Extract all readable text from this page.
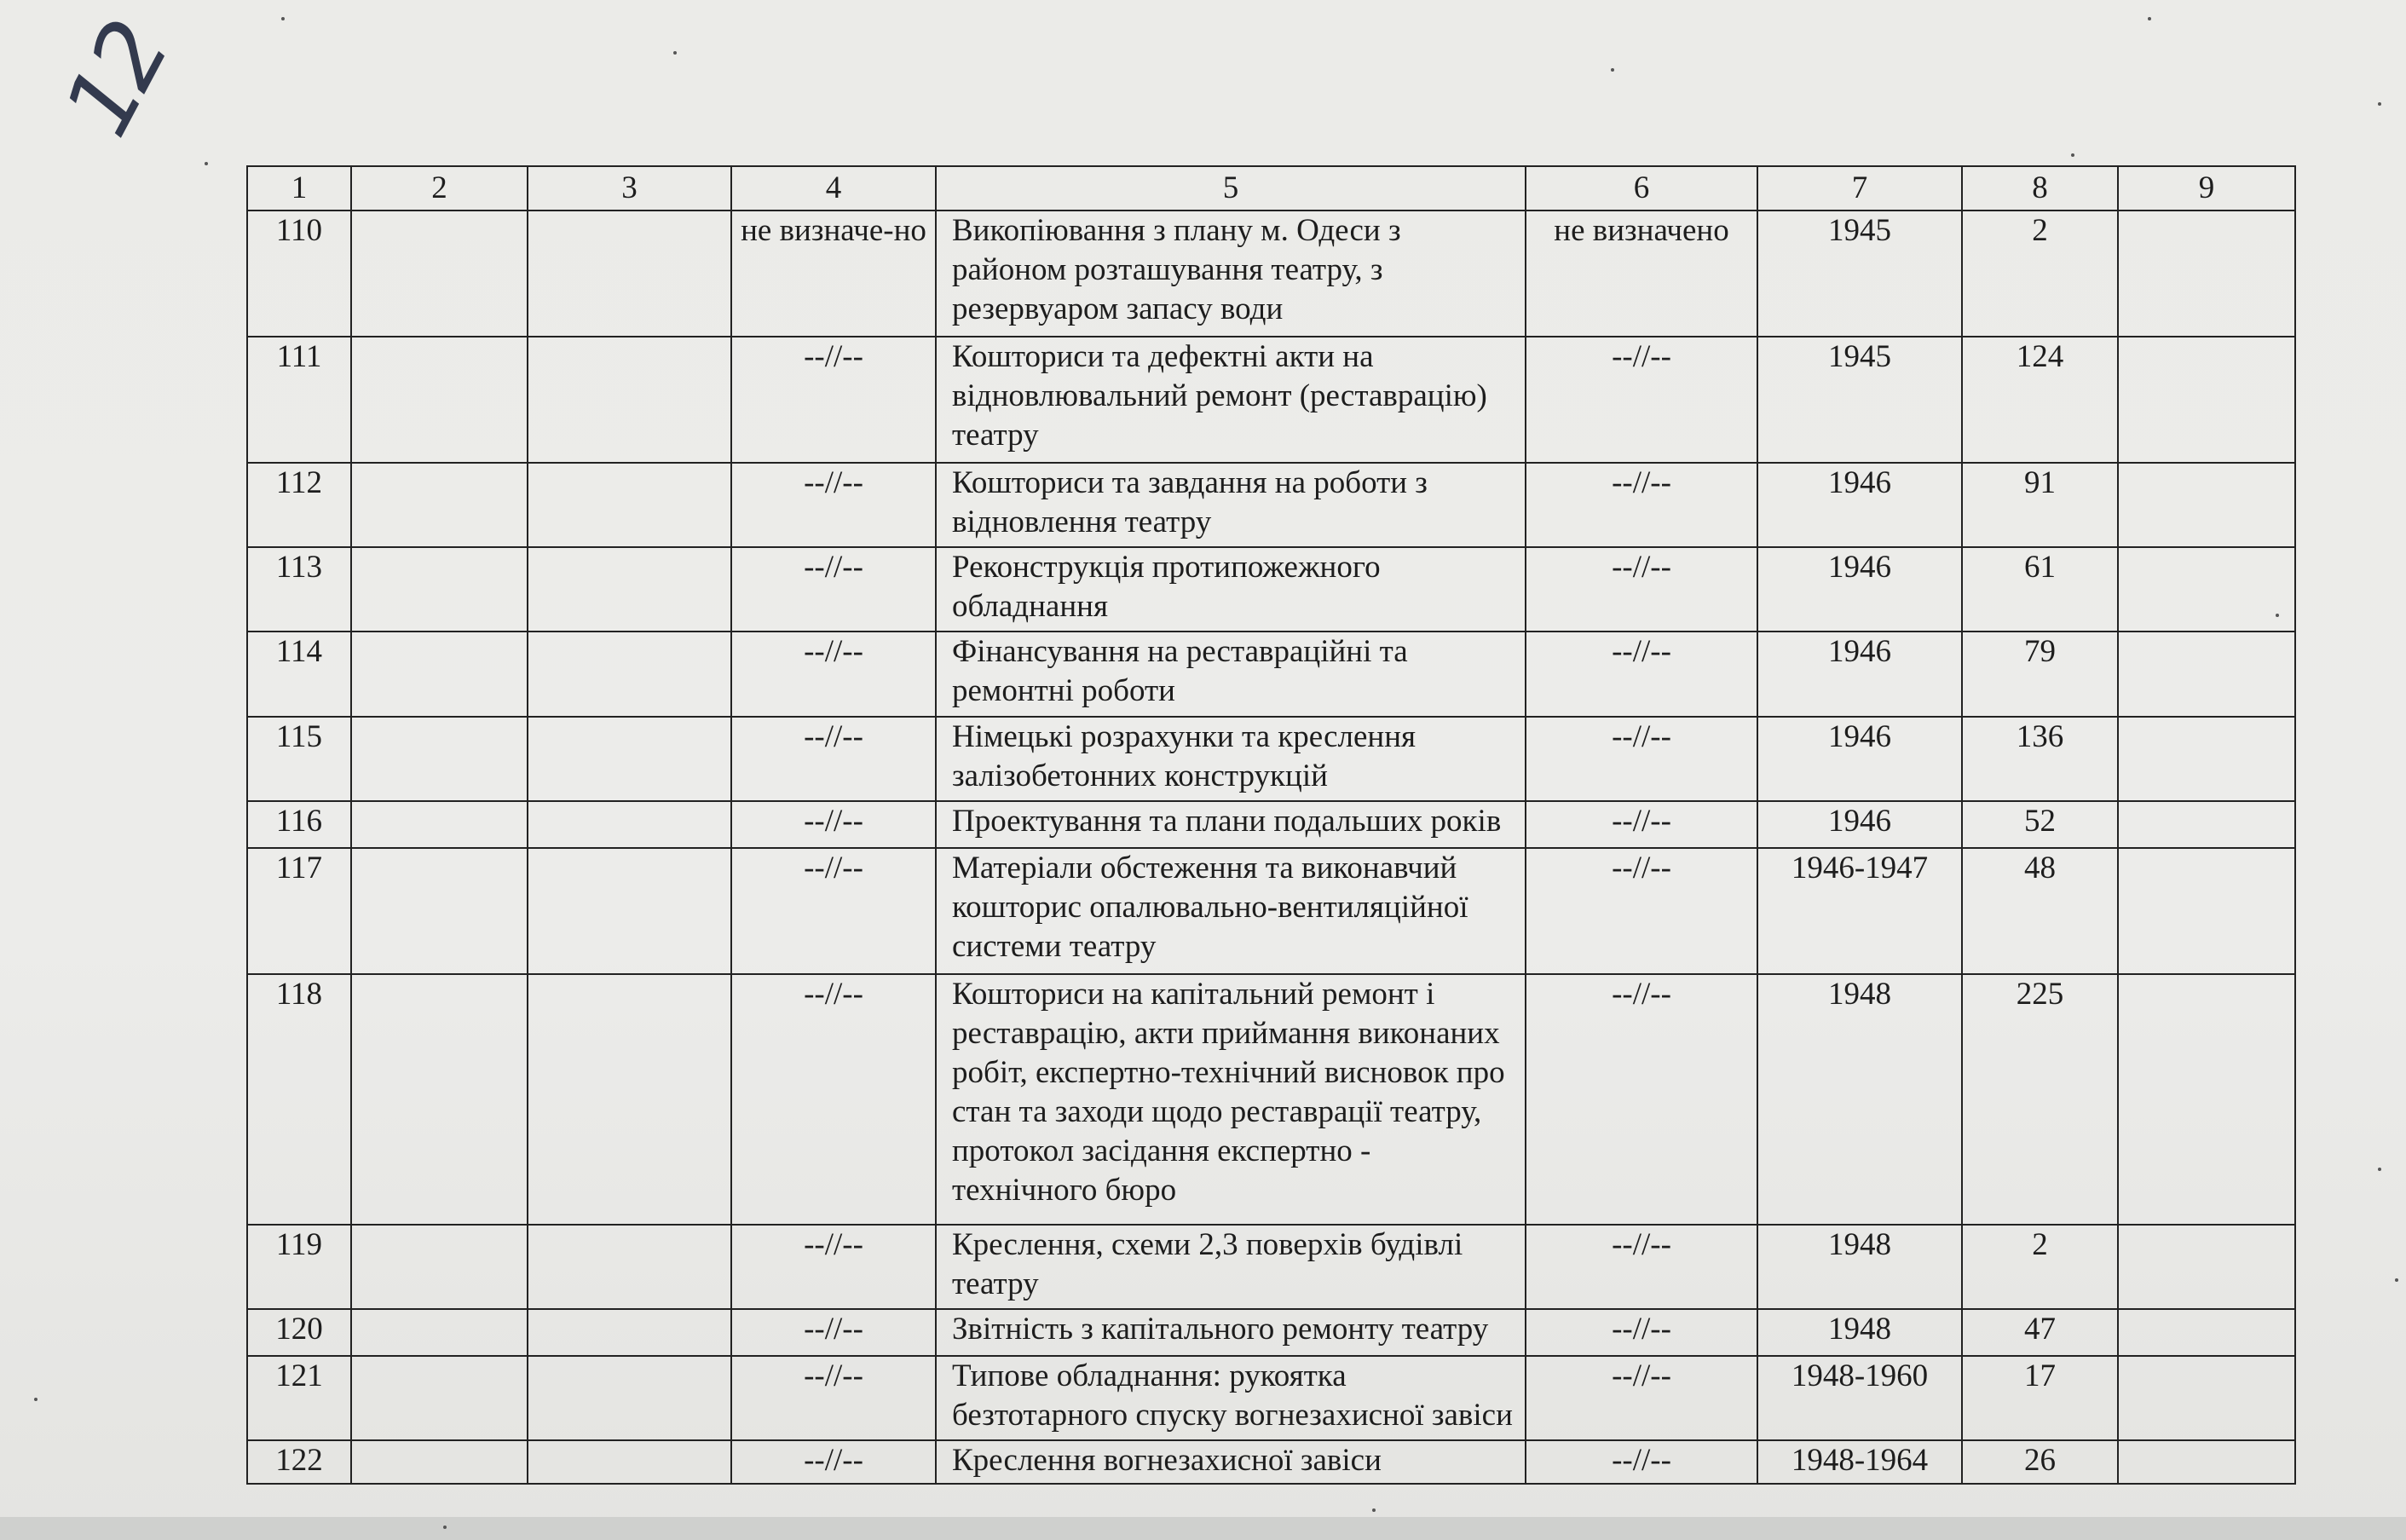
12
1	2	3	4	5	6	7	8	9
110			не визначе-но	Викопіювання з плану м. Одеси з районом розташування театру, з резервуаром запасу води	не визначено	1945	2	
111			--//--	Кошториси та дефектні акти на відновлювальний ремонт (реставрацію) театру	--//--	1945	124	
112			--//--	Кошториси та завдання на роботи з відновлення театру	--//--	1946	91	
113			--//--	Реконструкція протипожежного обладнання	--//--	1946	61	
114			--//--	Фінансування на реставраційні та ремонтні роботи	--//--	1946	79	
115			--//--	Німецькі розрахунки та креслення залізобетонних конструкцій	--//--	1946	136	
116			--//--	Проектування та плани подальших років	--//--	1946	52	
117			--//--	Матеріали обстеження та виконавчий кошторис опалювально-вентиляційної системи театру	--//--	1946-1947	48	
118			--//--	Кошториси на капітальний ремонт і реставрацію, акти приймання виконаних робіт, експертно-технічний висновок про стан та заходи щодо реставрації театру, протокол засідання експертно - технічного бюро	--//--	1948	225	
119			--//--	Креслення, схеми 2,3 поверхів будівлі театру	--//--	1948	2	
120			--//--	Звітність з капітального ремонту театру	--//--	1948	47	
121			--//--	Типове обладнання: рукоятка безтотарного спуску вогнезахисної завіси	--//--	1948-1960	17	
122			--//--	Креслення вогнезахисної завіси	--//--	1948-1964	26	
